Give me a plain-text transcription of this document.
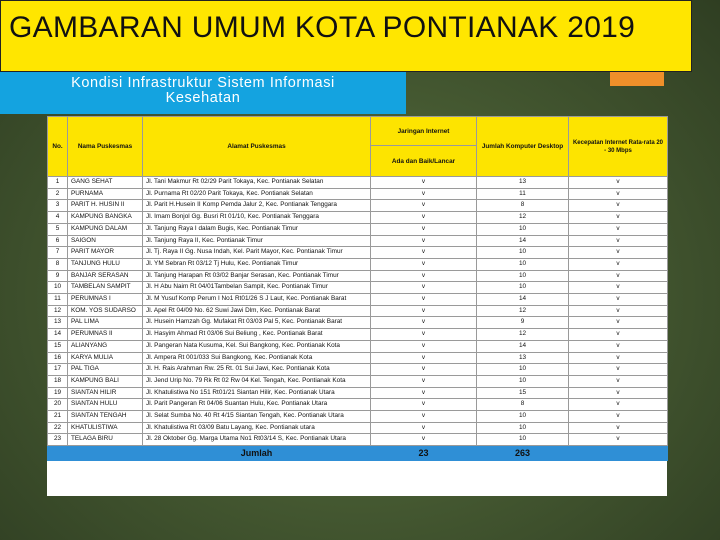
GAMBARAN UMUM KOTA PONTIANAK 2019
Kondisi Infrastruktur Sistem Informasi
Kesehatan
No.	Nama Puskesmas	Alamat Puskesmas	Jaringan Internet	Jumlah Komputer Desktop	Kecepatan Internet Rata-rata 20 - 30 Mbps
			Ada dan Baik/Lancar		
1	GANG SEHAT	Jl. Tani Makmur Rt 02/29 Parit Tokaya, Kec. Pontianak Selatan	v	13	v
2	PURNAMA	Jl. Purnama Rt 02/20 Parit Tokaya, Kec. Pontianak Selatan	v	11	v
3	PARIT H. HUSIN II	Jl. Parit H.Husein II Komp Pemda Jalur 2, Kec. Pontianak Tenggara	v	8	v
4	KAMPUNG BANGKA	Jl. Imam Bonjol Gg. Busri Rt 01/10, Kec. Pontianak Tenggara	v	12	v
5	KAMPUNG DALAM	Jl. Tanjung Raya I dalam Bugis, Kec. Pontianak Timur	v	10	v
6	SAIGON	Jl. Tanjung Raya II, Kec. Pontianak Timur	v	14	v
7	PARIT MAYOR	Jl. Tj. Raya II Gg. Nusa Indah, Kel. Parit Mayor, Kec. Pontianak Timur	v	10	v
8	TANJUNG HULU	Jl. YM Sebran Rt 03/12 Tj Hulu, Kec. Pontianak Timur	v	10	v
9	BANJAR SERASAN	Jl. Tanjung Harapan Rt 03/02 Banjar Serasan, Kec. Pontianak Timur	v	10	v
10	TAMBELAN SAMPIT	Jl. H Abu Naim Rt 04/01Tambelan Sampit, Kec. Pontianak Timur	v	10	v
11	PERUMNAS I	Jl. M Yusuf Komp Perum I No1 Rt01/26 S J Laut, Kec. Pontianak Barat	v	14	v
12	KOM. YOS SUDARSO	Jl. Apel Rt 04/09 No. 62 Suwi Jawi Dlm, Kec. Pontianak Barat	v	12	v
13	PAL LIMA	Jl. Husein Hamzah Gg. Mufakat Rt 03/03 Pal 5, Kec. Pontianak Barat	v	9	v
14	PERUMNAS II	Jl. Hasyim Ahmad Rt 03/06 Sui Beliung , Kec. Pontianak Barat	v	12	v
15	ALIANYANG	Jl. Pangeran Nata Kusuma, Kel. Sui Bangkong, Kec. Pontianak Kota	v	14	v
16	KARYA MULIA	Jl. Ampera Rt 001/033 Sui Bangkong, Kec. Pontianak Kota	v	13	v
17	PAL TIGA	Jl. H. Rais Arahman Rw. 25 Rt. 01 Sui Jawi, Kec. Pontianak Kota	v	10	v
18	KAMPUNG BALI	Jl. Jend Urip No. 79 Rk Rt 02 Rw 04 Kel. Tengah, Kec. Pontianak Kota	v	10	v
19	SIANTAN HILIR	Jl. Khatulistiwa No 151 Rt01/21 Siantan Hilir, Kec. Pontianak Utara	v	15	v
20	SIANTAN HULU	Jl. Parit Pangeran Rt 04/06 Suantan Hulu, Kec. Pontianak Utara	v	8	v
21	SIANTAN TENGAH	Jl. Selat Sumba No. 40 Rt 4/15 Siantan Tengah, Kec. Pontianak Utara	v	10	v
22	KHATULISTIWA	Jl. Khatulistiwa Rt 03/09 Batu Layang, Kec. Pontianak utara	v	10	v
23	TELAGA BIRU	Jl. 28 Oktober Gg. Marga Utama No1 Rt03/14 S, Kec. Pontianak Utara	v	10	v
		Jumlah	23	263	
